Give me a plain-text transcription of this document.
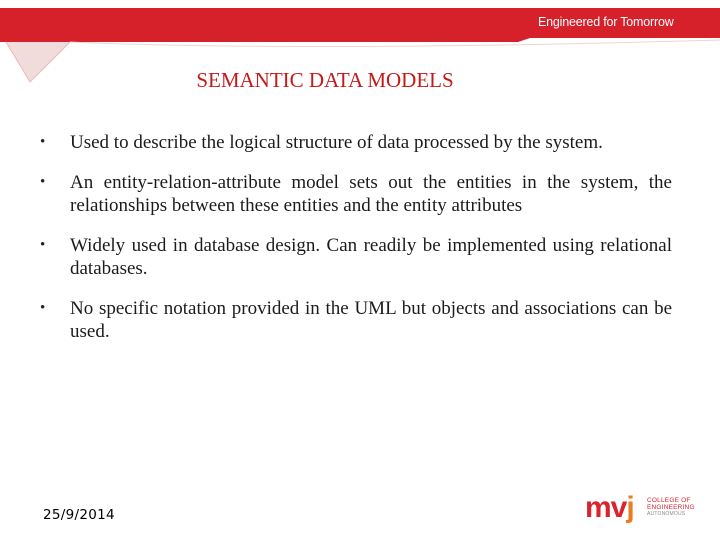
Engineered for Tomorrow
SEMANTIC DATA MODELS
• Used to describe the logical structure of data processed by the system.
• An entity-relation-attribute model sets out the entities in the system, the relationships between these entities and the entity attributes
• Widely used in database design. Can readily be implemented using relational databases.
• No specific notation provided in the UML but objects and associations can be used.
25/9/2014	mvj COLLEGE OF
ENGINEERING
AUTONOMOUS
